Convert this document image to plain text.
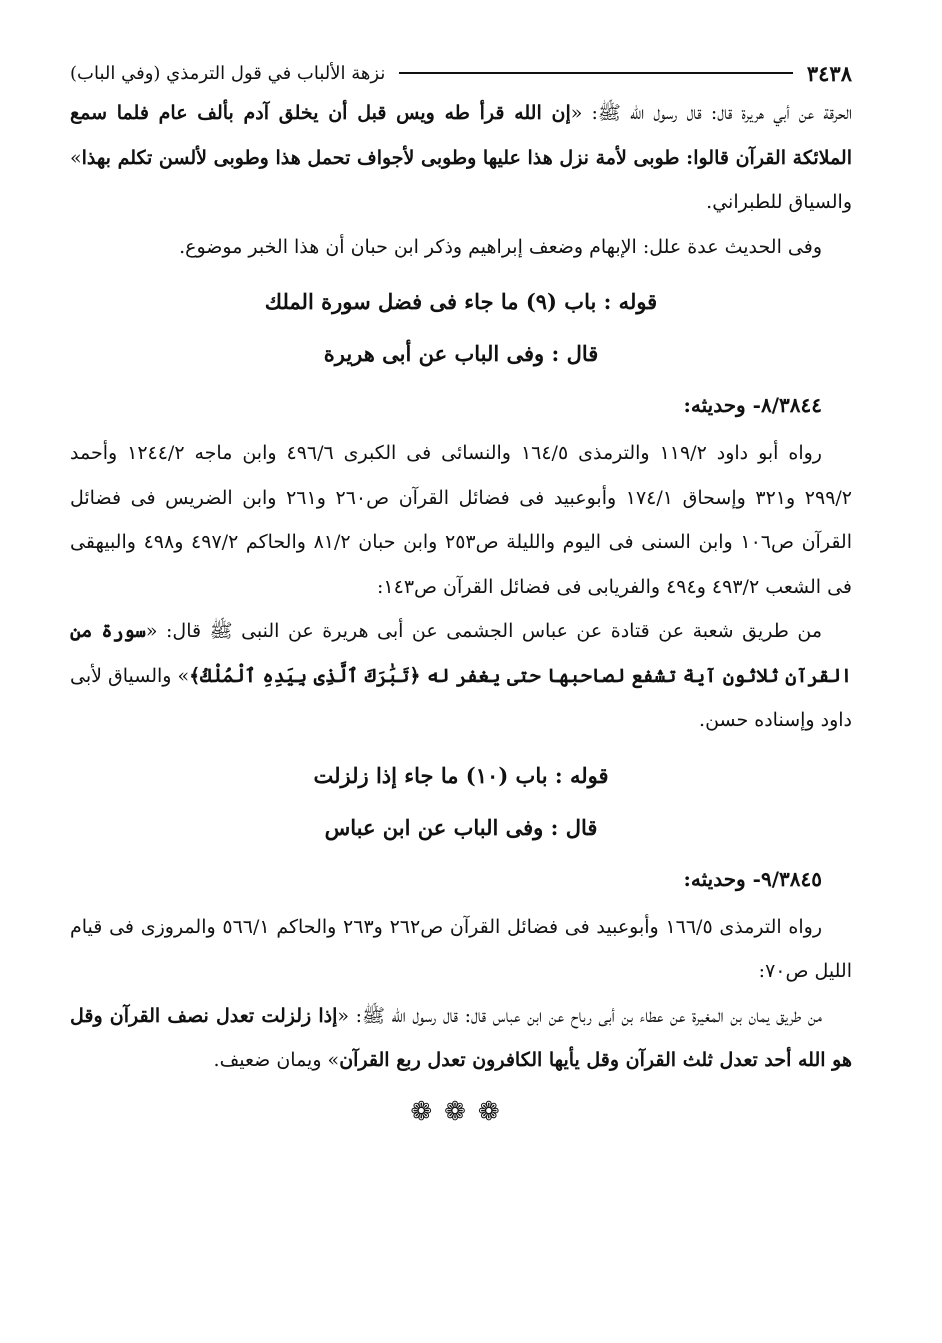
٣٤٣٨
نزهة الألباب في قول الترمذي (وفي الباب)

الحرقة عن أبي هريرة قال: قال رسول الله ﷺ: «إن الله قرأ طه ويس قبل أن يخلق آدم بألف عام فلما سمع الملائكة القرآن قالوا: طوبى لأمة نزل هذا عليها وطوبى لأجواف تحمل هذا وطوبى لألسن تكلم بهذا» والسياق للطبراني.

وفى الحديث عدة علل: الإبهام وضعف إبراهيم وذكر ابن حبان أن هذا الخبر موضوع.

قوله : باب (٩) ما جاء فى فضل سورة الملك

قال : وفى الباب عن أبى هريرة

٨/٣٨٤٤- وحديثه:

رواه أبو داود ١١٩/٢ والترمذى ١٦٤/٥ والنسائى فى الكبرى ٤٩٦/٦ وابن ماجه ١٢٤٤/٢ وأحمد ٢٩٩/٢ و٣٢١ وإسحاق ١٧٤/١ وأبوعبيد فى فضائل القرآن ص٢٦٠ و٢٦١ وابن الضريس فى فضائل القرآن ص١٠٦ وابن السنى فى اليوم والليلة ص٢٥٣ وابن حبان ٨١/٢ والحاكم ٤٩٧/٢ و٤٩٨ والبيهقى فى الشعب ٤٩٣/٢ و٤٩٤ والفريابى فى فضائل القرآن ص١٤٣:

من طريق شعبة عن قتادة عن عباس الجشمى عن أبى هريرة عن النبى ﷺ قال: «سورة من القرآن ثلاثون آية تشفع لصاحبها حتى يغفر له ﴿تَبَٰرَكَ ٱلَّذِى بِيَدِهِ ٱلْمُلْكُ﴾» والسياق لأبى داود وإسناده حسن.

قوله : باب (١٠) ما جاء إذا زلزلت

قال : وفى الباب عن ابن عباس

٩/٣٨٤٥- وحديثه:

رواه الترمذى ١٦٦/٥ وأبوعبيد فى فضائل القرآن ص٢٦٢ و٢٦٣ والحاكم ٥٦٦/١ والمروزى فى قيام الليل ص٧٠:

من طريق يمان بن المغيرة عن عطاء بن أبى رباح عن ابن عباس قال: قال رسول الله ﷺ: «إذا زلزلت تعدل نصف القرآن وقل هو الله أحد تعدل ثلث القرآن وقل يأيها الكافرون تعدل ربع القرآن» ويمان ضعيف.

❁❁❁
